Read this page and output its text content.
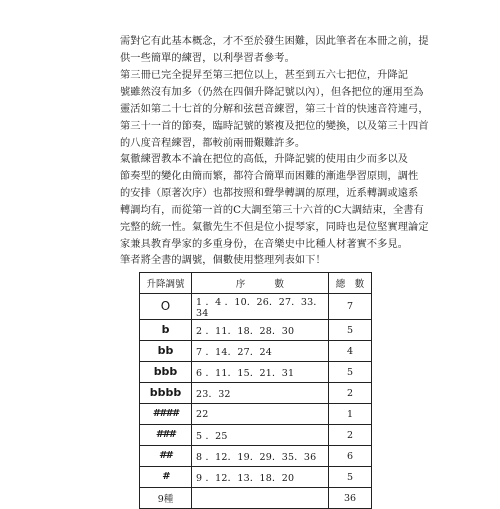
需對它有此基本概念，才不至於發生困難，因此筆者在本冊之前，提
供一些簡單的練習，以利學習者參考。

第三冊已完全提昇至第三把位以上，甚至到五六七把位，升降記
號雖然沒有加多（仍然在四個升降記號以內），但各把位的運用至為
靈活如第二十七首的分解和弦琶音練習，第三十首的快速音符連弓，
第三十一首的節奏，臨時記號的繁複及把位的變換，以及第三十四首
的八度音程練習，都較前兩冊艱難許多。

氣徹練習教本不論在把位的高低，升降記號的使用由少而多以及
節奏型的變化由簡而繁，都符合簡單而困難的漸進學習原則，調性
的安排（原著次序）也都按照和聲學轉調的原理，近系轉調或遠系
轉調均有，而從第一首的C大調至第三十六首的C大調結束，全書有
完整的統一性。氣徹先生不但是位小提琴家，同時也是位堅實理論定
家兼具教育學家的多重身份，在音樂史中比種人材著實不多見。

筆者將全書的調號，個數使用整理列表如下！

升降調號	序　　　數	總　數
O	1 ．4 ．10．26．27．33．34	7
b	2 ．11．18．28．30	5
bb	7 ．14．27．24	4
bbb	6 ．11．15．21．31	5
bbbb	23．32	2
####	22	1
###	5 ．25	2
##	8 ．12．19．29．35．36	6
#	9 ．12．13．18．20	5
9種		36
